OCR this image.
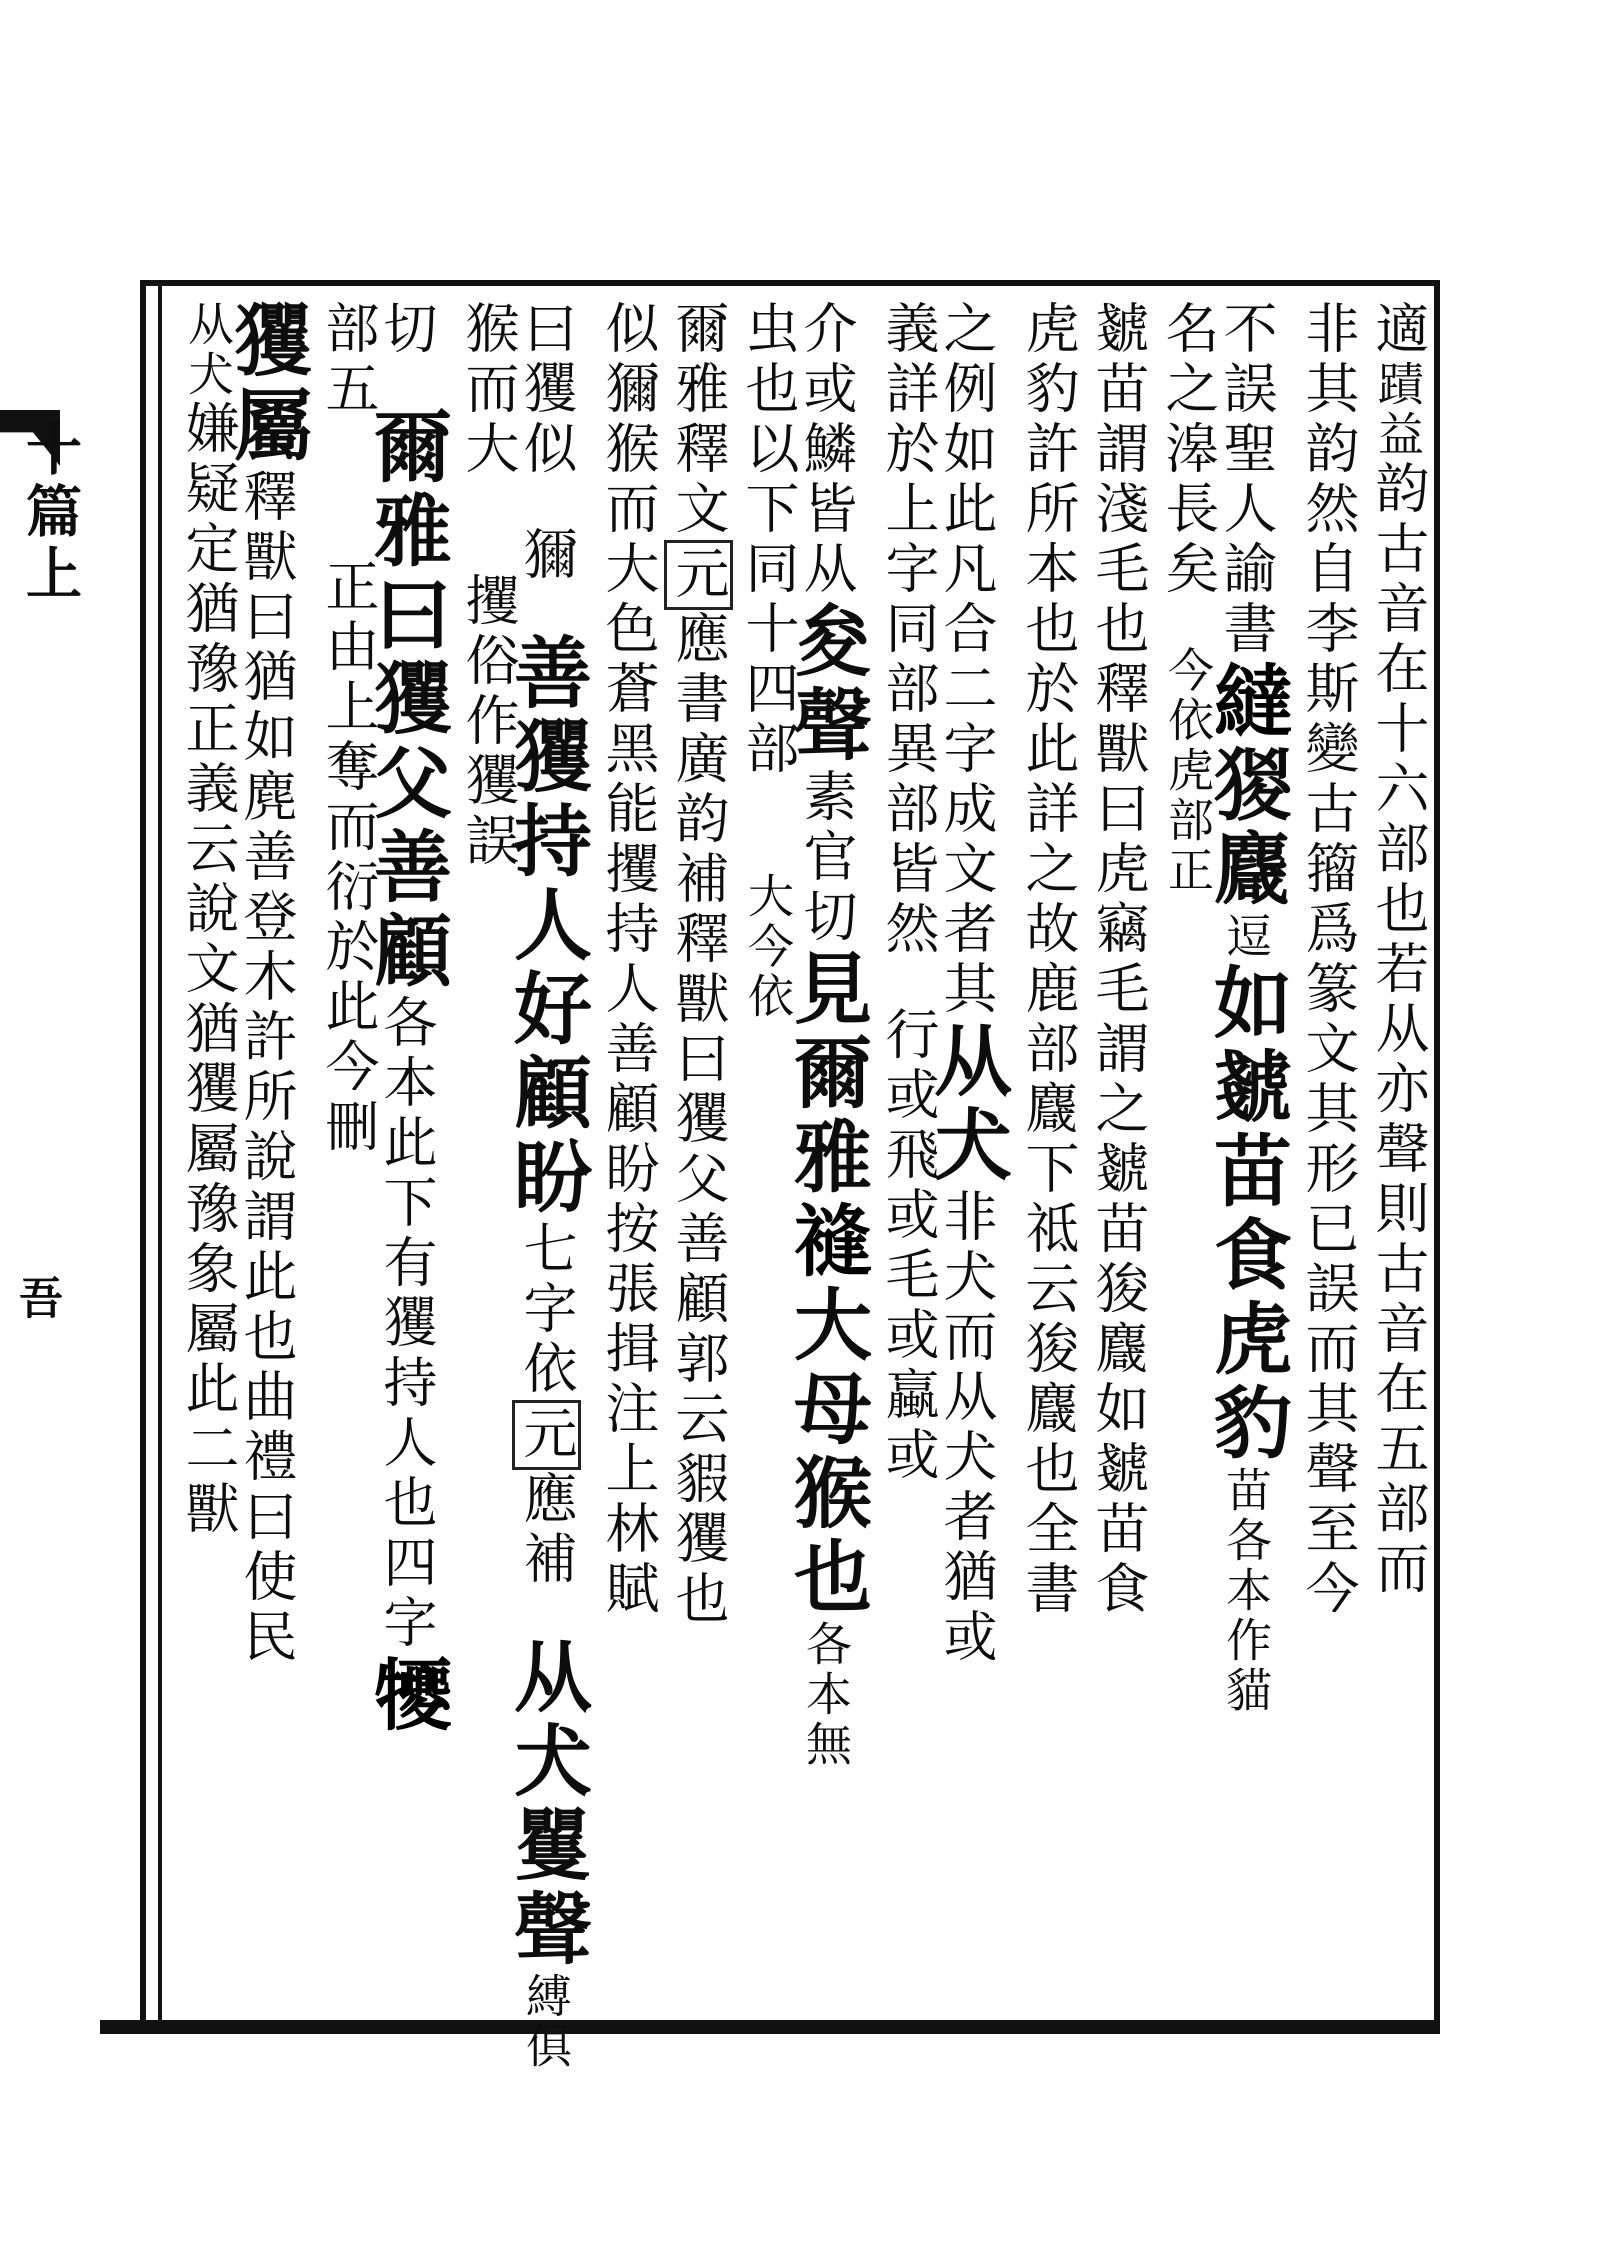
適蹟益韵古音在十六部也若从亦聲則古音在五部而
非其韵然自李斯變古籀爲篆文其形已誤而其聲至今
不誤聖人諭書繨猣麙逗如虦苗食虎豹苗各本作貓
名之滜長矣今依虎部正
虦苗謂淺毛也釋獸曰虎竊毛謂之虦苗狻麙如虦苗食
虎豹許所本也於此詳之故鹿部麙下祗云狻麙也全書
之例如此凡合二字成文者其从犬非犬而从犬者猶或
義詳於上字同部異部皆然行或飛或毛或蠃或
介或鱗皆从夋聲素官切見爾雅䙜大母猴也各本無
虫也以下同十四部大今依
爾雅釋文元應書廣韵補釋獸曰玃父善顧郭云貑玃也
似獮猴而大色蒼黑能攫持人善顧盼按張揖注上林賦
曰玃似獮善玃持人好顧盼七字依元應補从犬矍聲縛俱
猴而大攫俗作玃誤
切爾雅曰玃父善顧各本此下有玃持人也四字㹛
部五正由上奪而衍於此今刪
玃屬釋獸曰猶如麂善登木許所說謂此也曲禮曰使民
从犬嫌疑定猶豫正義云說文猶玃屬豫象屬此二獸
十篇上
吾
